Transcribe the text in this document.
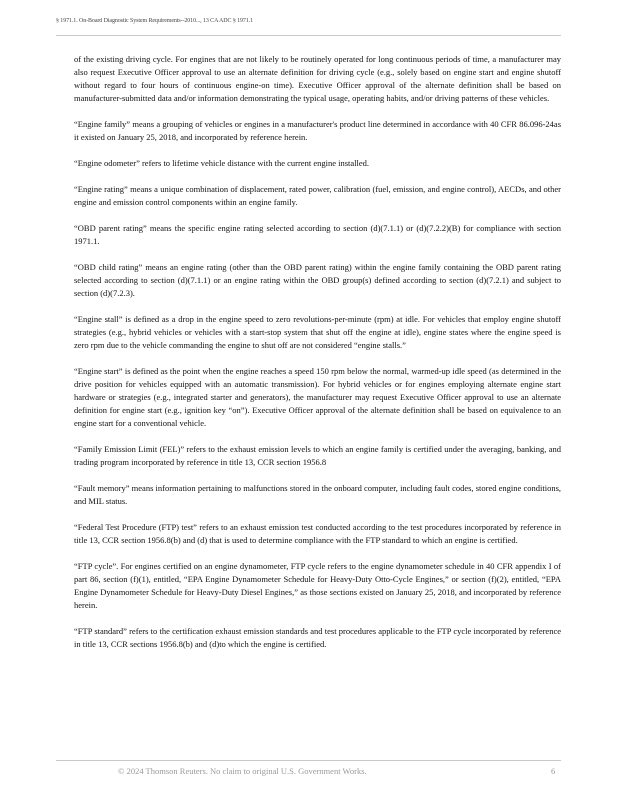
§ 1971.1. On-Board Diagnostic System Requirements--2010..., 13 CA ADC § 1971.1

of the existing driving cycle. For engines that are not likely to be routinely operated for long continuous periods of time, a manufacturer may also request Executive Officer approval to use an alternate definition for driving cycle (e.g., solely based on engine start and engine shutoff without regard to four hours of continuous engine-on time). Executive Officer approval of the alternate definition shall be based on manufacturer-submitted data and/or information demonstrating the typical usage, operating habits, and/or driving patterns of these vehicles.

“Engine family” means a grouping of vehicles or engines in a manufacturer's product line determined in accordance with 40 CFR 86.096-24as it existed on January 25, 2018, and incorporated by reference herein.

“Engine odometer” refers to lifetime vehicle distance with the current engine installed.

“Engine rating” means a unique combination of displacement, rated power, calibration (fuel, emission, and engine control), AECDs, and other engine and emission control components within an engine family.

“OBD parent rating” means the specific engine rating selected according to section (d)(7.1.1) or (d)(7.2.2)(B) for compliance with section 1971.1.

“OBD child rating” means an engine rating (other than the OBD parent rating) within the engine family containing the OBD parent rating selected according to section (d)(7.1.1) or an engine rating within the OBD group(s) defined according to section (d)(7.2.1) and subject to section (d)(7.2.3).

“Engine stall” is defined as a drop in the engine speed to zero revolutions-per-minute (rpm) at idle. For vehicles that employ engine shutoff strategies (e.g., hybrid vehicles or vehicles with a start-stop system that shut off the engine at idle), engine states where the engine speed is zero rpm due to the vehicle commanding the engine to shut off are not considered “engine stalls.”

“Engine start” is defined as the point when the engine reaches a speed 150 rpm below the normal, warmed-up idle speed (as determined in the drive position for vehicles equipped with an automatic transmission). For hybrid vehicles or for engines employing alternate engine start hardware or strategies (e.g., integrated starter and generators), the manufacturer may request Executive Officer approval to use an alternate definition for engine start (e.g., ignition key “on”). Executive Officer approval of the alternate definition shall be based on equivalence to an engine start for a conventional vehicle.

“Family Emission Limit (FEL)” refers to the exhaust emission levels to which an engine family is certified under the averaging, banking, and trading program incorporated by reference in title 13, CCR section 1956.8

“Fault memory” means information pertaining to malfunctions stored in the onboard computer, including fault codes, stored engine conditions, and MIL status.

“Federal Test Procedure (FTP) test” refers to an exhaust emission test conducted according to the test procedures incorporated by reference in title 13, CCR section 1956.8(b) and (d) that is used to determine compliance with the FTP standard to which an engine is certified.

“FTP cycle”. For engines certified on an engine dynamometer, FTP cycle refers to the engine dynamometer schedule in 40 CFR appendix I of part 86, section (f)(1), entitled, “EPA Engine Dynamometer Schedule for Heavy-Duty Otto-Cycle Engines,” or section (f)(2), entitled, “EPA Engine Dynamometer Schedule for Heavy-Duty Diesel Engines,” as those sections existed on January 25, 2018, and incorporated by reference herein.

“FTP standard” refers to the certification exhaust emission standards and test procedures applicable to the FTP cycle incorporated by reference in title 13, CCR sections 1956.8(b) and (d)to which the engine is certified.

© 2024 Thomson Reuters. No claim to original U.S. Government Works.	6
